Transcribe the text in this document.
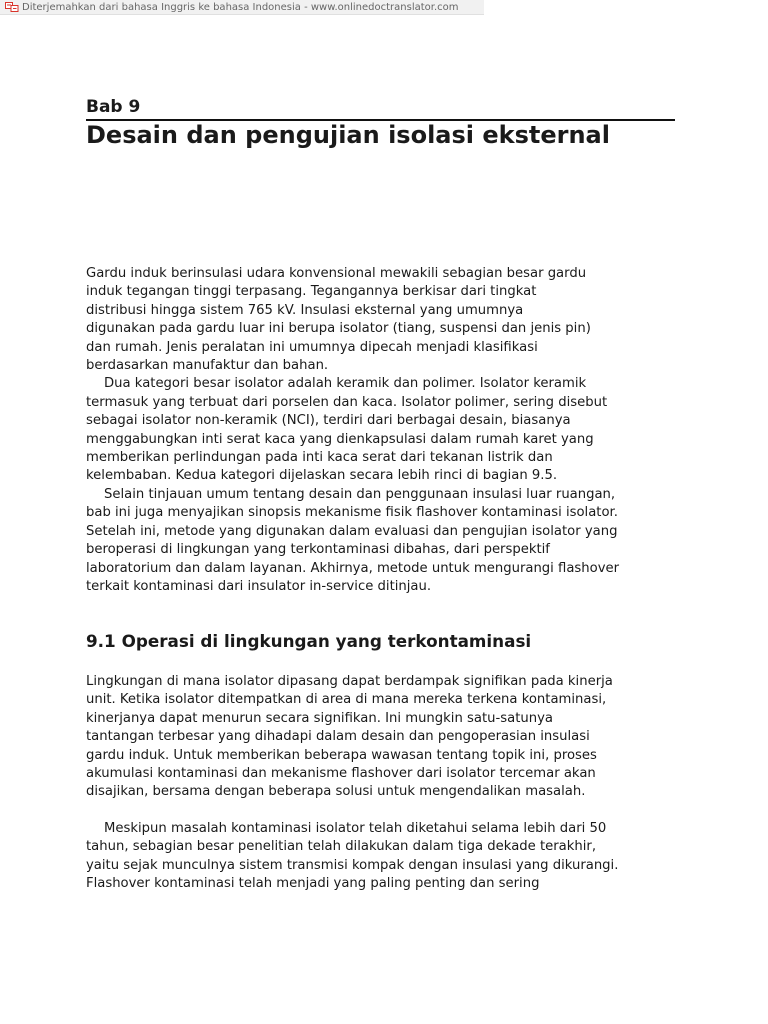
Diterjemahkan dari bahasa Inggris ke bahasa Indonesia - www.onlinedoctranslator.com
Bab 9
Desain dan pengujian isolasi eksternal

Gardu induk berinsulasi udara konvensional mewakili sebagian besar gardu
induk tegangan tinggi terpasang. Tegangannya berkisar dari tingkat
distribusi hingga sistem 765 kV. Insulasi eksternal yang umumnya
digunakan pada gardu luar ini berupa isolator (tiang, suspensi dan jenis pin)
dan rumah. Jenis peralatan ini umumnya dipecah menjadi klasifikasi
berdasarkan manufaktur dan bahan.

Dua kategori besar isolator adalah keramik dan polimer. Isolator keramik
termasuk yang terbuat dari porselen dan kaca. Isolator polimer, sering disebut
sebagai isolator non-keramik (NCI), terdiri dari berbagai desain, biasanya
menggabungkan inti serat kaca yang dienkapsulasi dalam rumah karet yang
memberikan perlindungan pada inti kaca serat dari tekanan listrik dan
kelembaban. Kedua kategori dijelaskan secara lebih rinci di bagian 9.5.

Selain tinjauan umum tentang desain dan penggunaan insulasi luar ruangan,
bab ini juga menyajikan sinopsis mekanisme fisik flashover kontaminasi isolator.
Setelah ini, metode yang digunakan dalam evaluasi dan pengujian isolator yang
beroperasi di lingkungan yang terkontaminasi dibahas, dari perspektif
laboratorium dan dalam layanan. Akhirnya, metode untuk mengurangi flashover
terkait kontaminasi dari insulator in-service ditinjau.

9.1 Operasi di lingkungan yang terkontaminasi
Lingkungan di mana isolator dipasang dapat berdampak signifikan pada kinerja
unit. Ketika isolator ditempatkan di area di mana mereka terkena kontaminasi,
kinerjanya dapat menurun secara signifikan. Ini mungkin satu-satunya
tantangan terbesar yang dihadapi dalam desain dan pengoperasian insulasi
gardu induk. Untuk memberikan beberapa wawasan tentang topik ini, proses
akumulasi kontaminasi dan mekanisme flashover dari isolator tercemar akan
disajikan, bersama dengan beberapa solusi untuk mengendalikan masalah.
Meskipun masalah kontaminasi isolator telah diketahui selama lebih dari 50
tahun, sebagian besar penelitian telah dilakukan dalam tiga dekade terakhir,
yaitu sejak munculnya sistem transmisi kompak dengan insulasi yang dikurangi.
Flashover kontaminasi telah menjadi yang paling penting dan sering
